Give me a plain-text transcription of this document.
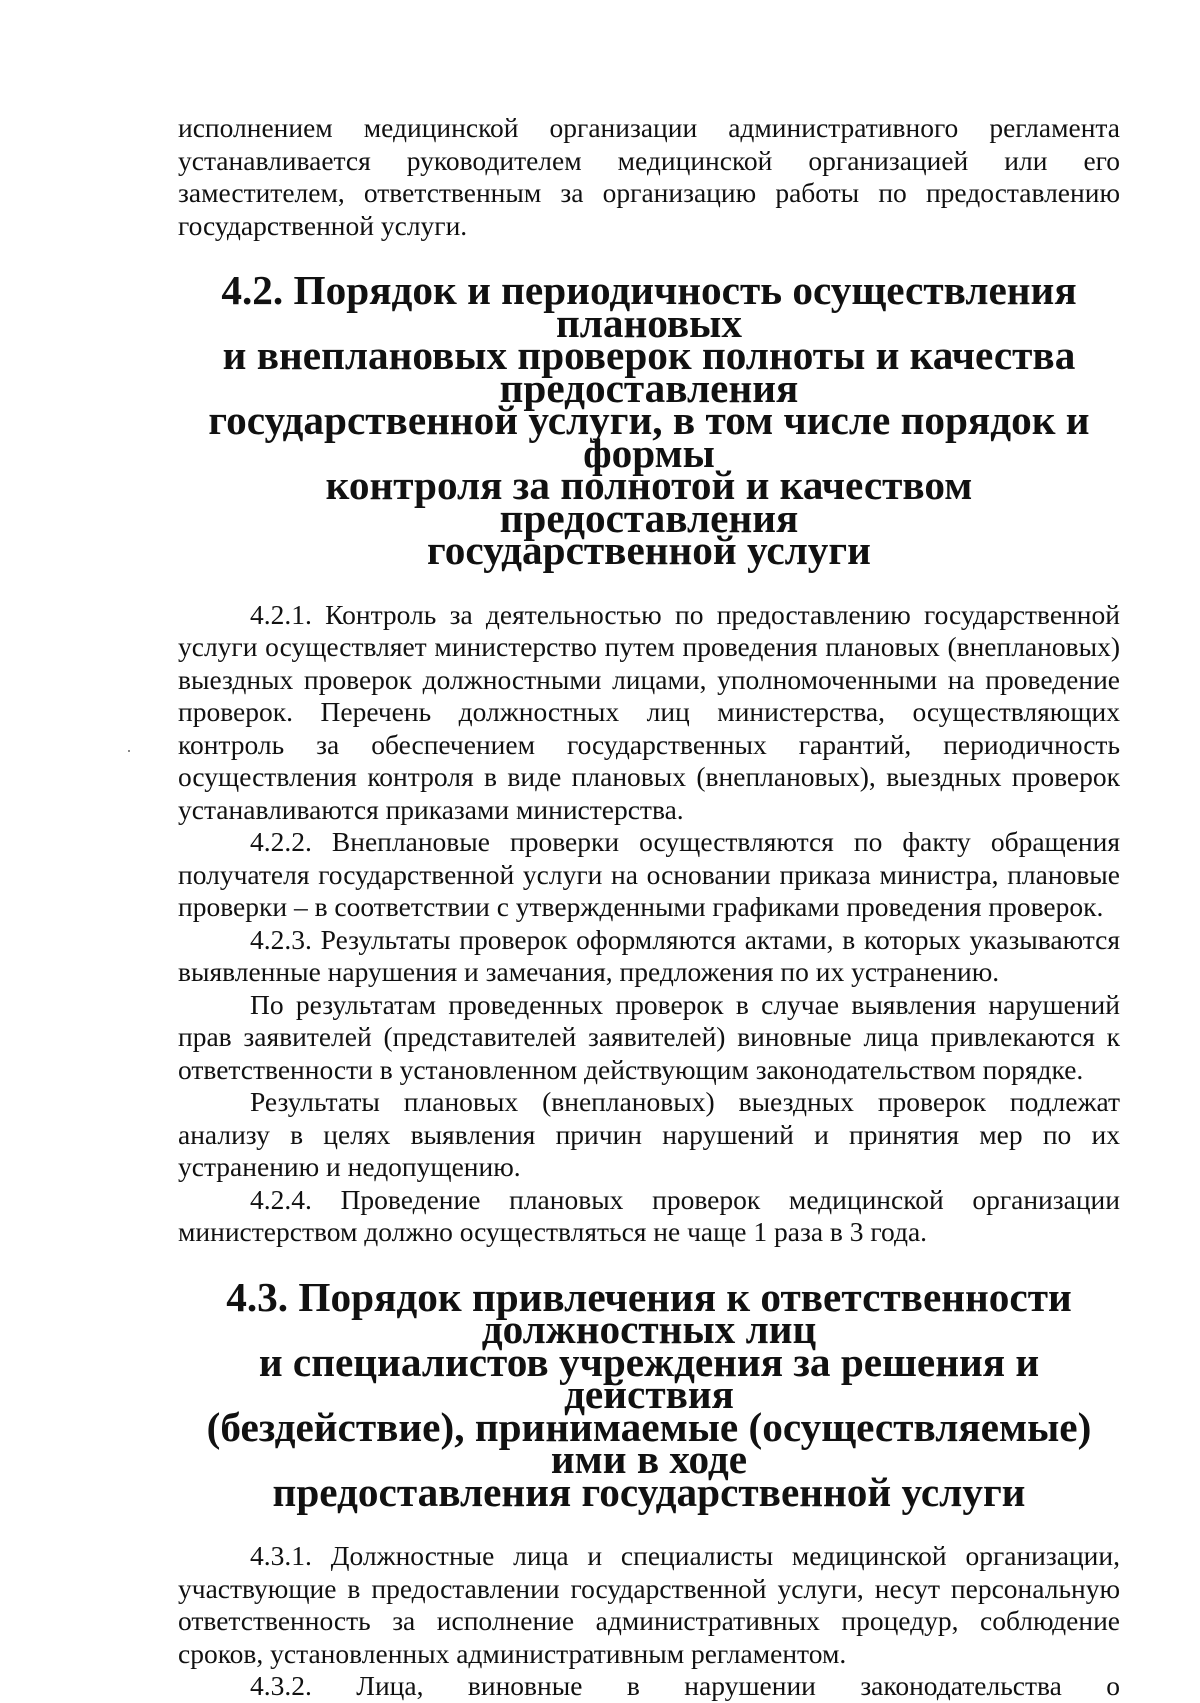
исполнением медицинской организации административного регламента устанавливается руководителем медицинской организацией или его заместителем, ответственным за организацию работы по предоставлению государственной услуги.

4.2. Порядок и периодичность осуществления плановых
и внеплановых проверок полноты и качества предоставления
государственной услуги, в том числе порядок и формы
контроля за полнотой и качеством предоставления
государственной услуги

4.2.1. Контроль за деятельностью по предоставлению государственной услуги осуществляет министерство путем проведения плановых (внеплановых) выездных проверок должностными лицами, уполномоченными на проведение проверок. Перечень должностных лиц министерства, осуществляющих контроль за обеспечением государственных гарантий, периодичность осуществления контроля в виде плановых (внеплановых), выездных проверок устанавливаются приказами министерства.

4.2.2. Внеплановые проверки осуществляются по факту обращения получателя государственной услуги на основании приказа министра, плановые проверки – в соответствии с утвержденными графиками проведения проверок.

4.2.3. Результаты проверок оформляются актами, в которых указываются выявленные нарушения и замечания, предложения по их устранению.

По результатам проведенных проверок в случае выявления нарушений прав заявителей (представителей заявителей) виновные лица привлекаются к ответственности в установленном действующим законодательством порядке.

Результаты плановых (внеплановых) выездных проверок подлежат анализу в целях выявления причин нарушений и принятия мер по их устранению и недопущению.

4.2.4. Проведение плановых проверок медицинской организации министерством должно осуществляться не чаще 1 раза в 3 года.

4.3. Порядок привлечения к ответственности должностных лиц
и специалистов учреждения за решения и действия
(бездействие), принимаемые (осуществляемые) ими в ходе
предоставления государственной услуги

4.3.1. Должностные лица и специалисты медицинской организации, участвующие в предоставлении государственной услуги, несут персональную ответственность за исполнение административных процедур, соблюдение сроков, установленных административным регламентом.

4.3.2. Лица, виновные в нарушении законодательства о
